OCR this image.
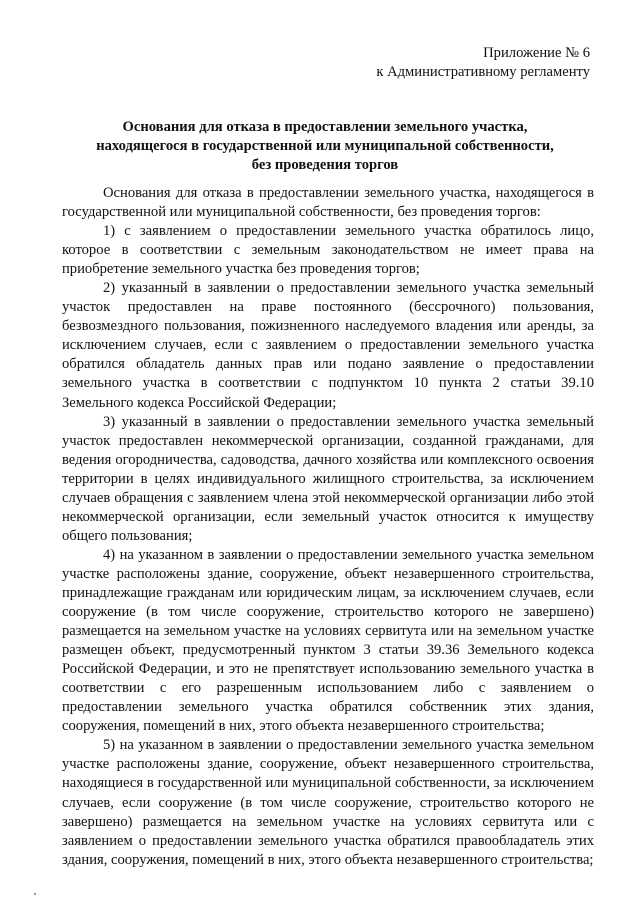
Приложение № 6
к Административному регламенту
Основания для отказа в предоставлении земельного участка,
находящегося в государственной или муниципальной собственности,
без проведения торгов

Основания для отказа в предоставлении земельного участка, находящегося в государственной или муниципальной собственности, без проведения торгов:

1) с заявлением о предоставлении земельного участка обратилось лицо, которое в соответствии с земельным законодательством не имеет права на приобретение земельного участка без проведения торгов;

2) указанный в заявлении о предоставлении земельного участка земельный участок предоставлен на праве постоянного (бессрочного) пользования, безвозмездного пользования, пожизненного наследуемого владения или аренды, за исключением случаев, если с заявлением о предоставлении земельного участка обратился обладатель данных прав или подано заявление о предоставлении земельного участка в соответствии с подпунктом 10 пункта 2 статьи 39.10 Земельного кодекса Российской Федерации;

3) указанный в заявлении о предоставлении земельного участка земельный участок предоставлен некоммерческой организации, созданной гражданами, для ведения огородничества, садоводства, дачного хозяйства или комплексного освоения территории в целях индивидуального жилищного строительства, за исключением случаев обращения с заявлением члена этой некоммерческой организации либо этой некоммерческой организации, если земельный участок относится к имуществу общего пользования;

4) на указанном в заявлении о предоставлении земельного участка земельном участке расположены здание, сооружение, объект незавершенного строительства, принадлежащие гражданам или юридическим лицам, за исключением случаев, если сооружение (в том числе сооружение, строительство которого не завершено) размещается на земельном участке на условиях сервитута или на земельном участке размещен объект, предусмотренный пунктом 3 статьи 39.36 Земельного кодекса Российской Федерации, и это не препятствует использованию земельного участка в соответствии с его разрешенным использованием либо с заявлением о предоставлении земельного участка обратился собственник этих здания, сооружения, помещений в них, этого объекта незавершенного строительства;

5) на указанном в заявлении о предоставлении земельного участка земельном участке расположены здание, сооружение, объект незавершенного строительства, находящиеся в государственной или муниципальной собственности, за исключением случаев, если сооружение (в том числе сооружение, строительство которого не завершено) размещается на земельном участке на условиях сервитута или с заявлением о предоставлении земельного участка обратился правообладатель этих здания, сооружения, помещений в них, этого объекта незавершенного строительства;
